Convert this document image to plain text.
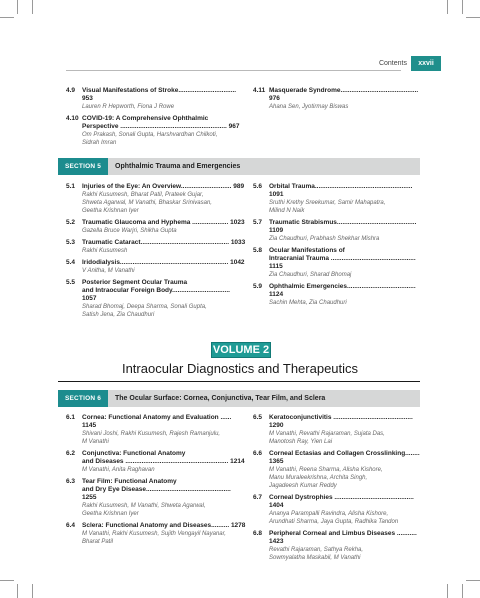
Contents xxvii
4.9 Visual Manifestations of Stroke................................ 953
Lauren R Hepworth, Fiona J Rowe
4.10 COVID-19: A Comprehensive Ophthalmic
Perspective ........................................................... 967
Om Prakash, Sonali Gupta, Harshvardhan Chilkoti,
Sidrah Imran
4.11 Masquerade Syndrome........................................... 976
Ahana Sen, Jyotirmay Biswas
SECTION 5	Ophthalmic Trauma and Emergencies
5.1 Injuries of the Eye: An Overview............................ 989
Rakhi Kusumesh, Bharat Patil, Prateek Gujar,
Shweta Agarwal, M Vanathi, Bhaskar Srinivasan,
Geetha Krishnan Iyer
5.2 Traumatic Glaucoma and Hyphema .................... 1023
Gazella Bruce Warjri, Shikha Gupta
5.3 Traumatic Cataract................................................. 1033
Rakhi Kusumesh
5.4 Iridodialysis............................................................ 1042
V Anitha, M Vanathi
5.5 Posterior Segment Ocular Trauma
and Intraocular Foreign Body................................ 1057
Sharad Bhomaj, Deepa Sharma, Sonali Gupta,
Satish Jena, Zia Chaudhuri
5.6 Orbital Trauma...................................................... 1091
Sruthi Krethy Sreekumar, Samir Mahapatra,
Milind N Naik
5.7 Traumatic Strabismus............................................ 1109
Zia Chaudhuri, Prabhash Shekhar Mishra
5.8 Ocular Manifestations of
Intracranial Trauma ............................................... 1115
Zia Chaudhuri, Sharad Bhomaj
5.9 Ophthalmic Emergencies...................................... 1124
Sachin Mehta, Zia Chaudhuri
VOLUME 2
Intraocular Diagnostics and Therapeutics
SECTION 6	The Ocular Surface: Cornea, Conjunctiva, Tear Film, and Sclera
6.1 Cornea: Functional Anatomy and Evaluation ...... 1145
Shivani Joshi, Rakhi Kusumesh, Rajesh Ramanjulu,
M Vanathi
6.2 Conjunctiva: Functional Anatomy
and Diseases ......................................................... 1214
M Vanathi, Anita Raghavan
6.3 Tear Film: Functional Anatomy
and Dry Eye Disease............................................... 1255
Rakhi Kusumesh, M Vanathi, Shweta Agarwal,
Geetha Krishnan Iyer
6.4 Sclera: Functional Anatomy and Diseases.......... 1278
M Vanathi, Rakhi Kusumesh, Sujith Vengayil Nayanar,
Bharat Patil
6.5 Keratoconjunctivitis ............................................ 1290
M Vanathi, Revathi Rajaraman, Sujata Das,
Manotosh Ray, Yien Lai
6.6 Corneal Ectasias and Collagen Crosslinking........ 1365
M Vanathi, Reena Sharma, Alisha Kishore,
Manu Muraleekrishna, Archita Singh,
Jagadeesh Kumar Reddy
6.7 Corneal Dystrophies ............................................ 1404
Ananya Parampalli Ravindra, Alisha Kishore,
Arundhati Sharma, Jaya Gupta, Radhika Tandon
6.8 Peripheral Corneal and Limbus Diseases ........... 1423
Revathi Rajaraman, Sathya Rekha,
Sowmyalatha Maskabil, M Vanathi
